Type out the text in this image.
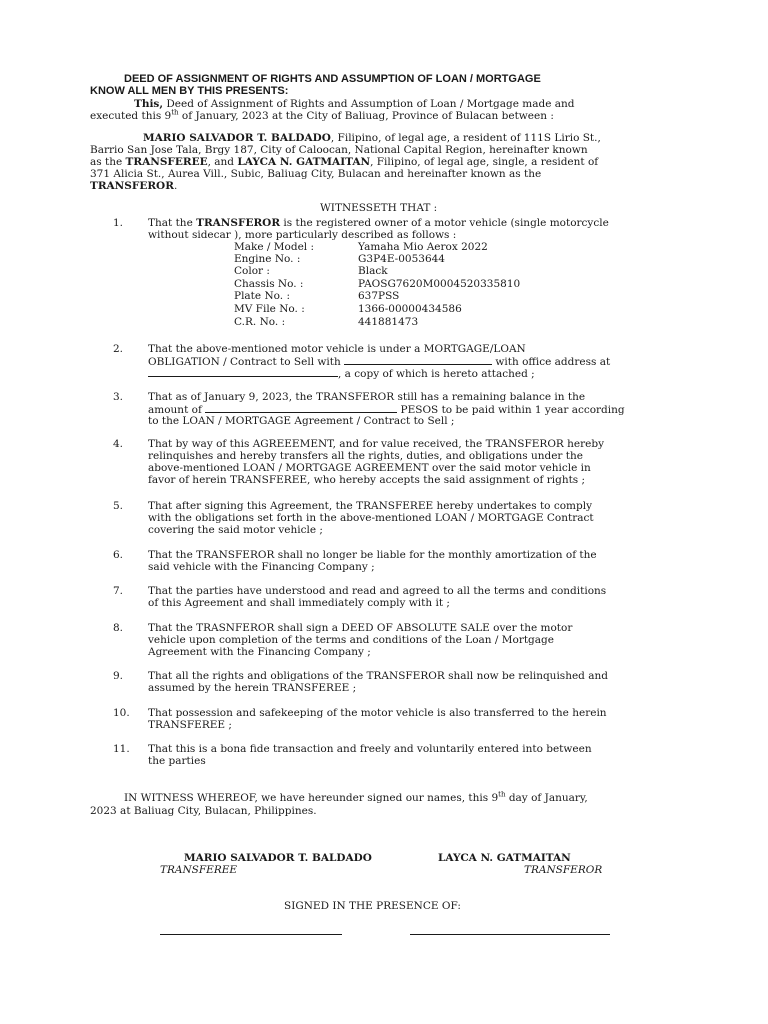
DEED OF ASSIGNMENT OF RIGHTS AND ASSUMPTION OF LOAN / MORTGAGE
KNOW ALL MEN BY THIS PRESENTS:
This, Deed of Assignment of Rights and Assumption of Loan / Mortgage made and
executed this 9th of January, 2023 at the City of Baliuag, Province of Bulacan between :
MARIO SALVADOR T. BALDADO, Filipino, of legal age, a resident of 111S Lirio St.,
Barrio San Jose Tala, Brgy 187, City of Caloocan, National Capital Region, hereinafter known
as the TRANSFEREE, and LAYCA N. GATMAITAN, Filipino, of legal age, single, a resident of
371 Alicia St., Aurea Vill., Subic, Baliuag City, Bulacan and hereinafter known as the
TRANSFEROR.
WITNESSETH THAT :
1. That the TRANSFEROR is the registered owner of a motor vehicle (single motorcycle
without sidecar ), more particularly described as follows :
Make / Model :	Yamaha Mio Aerox 2022
Engine No. :	G3P4E-0053644
Color :	Black
Chassis No. :	PAOSG7620M0004520335810
Plate No. :	637PSS
MV File No. :	1366-00000434586
C.R. No. :	441881473
2. That the above-mentioned motor vehicle is under a MORTGAGE/LOAN
OBLIGATION / Contract to Sell with	with office address at
, a copy of which is hereto attached ;
3. That as of January 9, 2023, the TRANSFEROR still has a remaining balance in the
amount of	PESOS to be paid within 1 year according
to the LOAN / MORTGAGE Agreement / Contract to Sell ;
4. That by way of this AGREEEMENT, and for value received, the TRANSFEROR hereby
relinquishes and hereby transfers all the rights, duties, and obligations under the
above-mentioned LOAN / MORTGAGE AGREEMENT over the said motor vehicle in
favor of herein TRANSFEREE, who hereby accepts the said assignment of rights ;
5. That after signing this Agreement, the TRANSFEREE hereby undertakes to comply
with the obligations set forth in the above-mentioned LOAN / MORTGAGE Contract
covering the said motor vehicle ;
6. That the TRANSFEROR shall no longer be liable for the monthly amortization of the
said vehicle with the Financing Company ;
7. That the parties have understood and read and agreed to all the terms and conditions
of this Agreement and shall immediately comply with it ;
8. That the TRASNFEROR shall sign a DEED OF ABSOLUTE SALE over the motor
vehicle upon completion of the terms and conditions of the Loan / Mortgage
Agreement with the Financing Company ;
9. That all the rights and obligations of the TRANSFEROR shall now be relinquished and
assumed by the herein TRANSFEREE ;
10. That possession and safekeeping of the motor vehicle is also transferred to the herein
TRANSFEREE ;
11. That this is a bona fide transaction and freely and voluntarily entered into between
the parties
IN WITNESS WHEREOF, we have hereunder signed our names, this 9th day of January,
2023 at Baliuag City, Bulacan, Philippines.
MARIO SALVADOR T. BALDADO
TRANSFEREE
LAYCA N. GATMAITAN
TRANSFEROR
SIGNED IN THE PRESENCE OF:
